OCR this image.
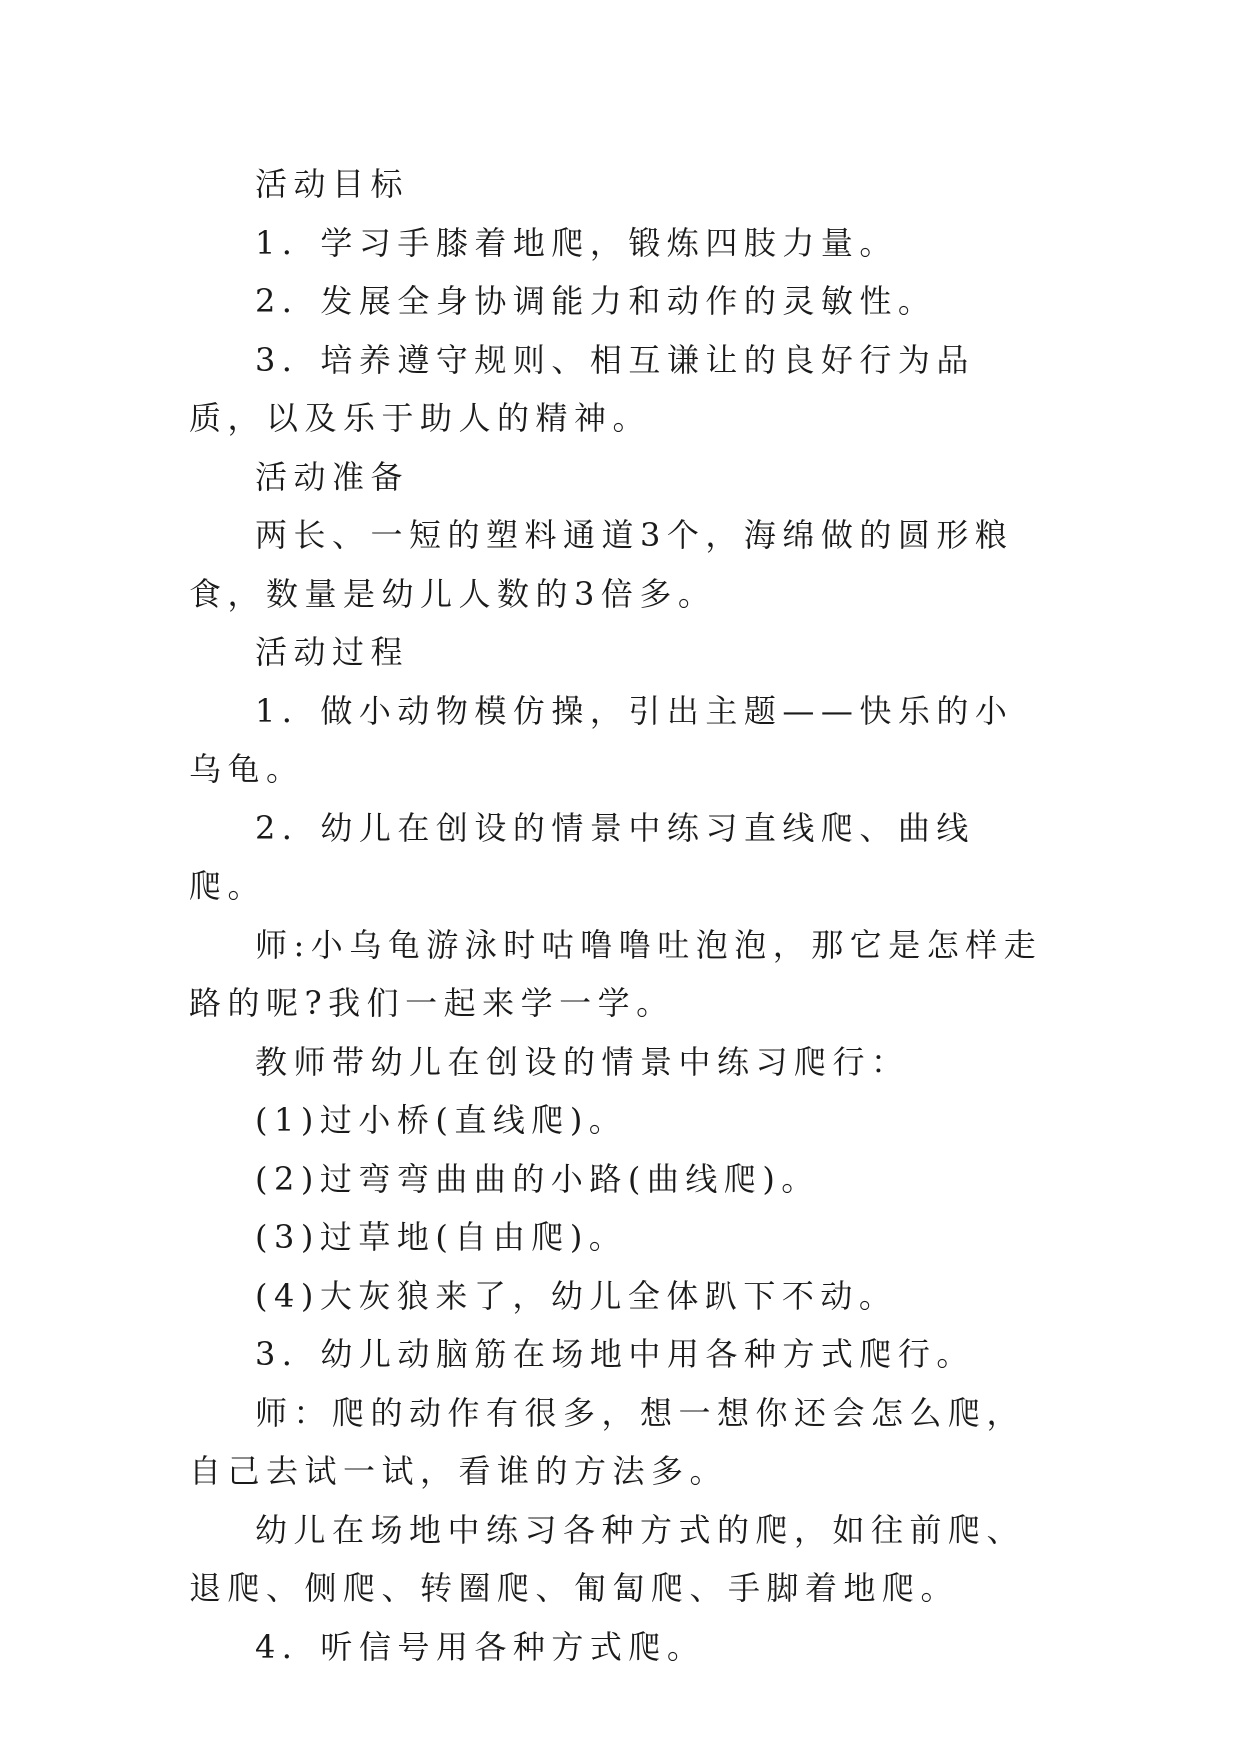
活动目标

1．学习手膝着地爬，锻炼四肢力量。

2．发展全身协调能力和动作的灵敏性。

3．培养遵守规则、相互谦让的良好行为品质，以及乐于助人的精神。

活动准备

两长、一短的塑料通道3个，海绵做的圆形粮食，数量是幼儿人数的3倍多。

活动过程

1．做小动物模仿操，引出主题——快乐的小乌龟。

2．幼儿在创设的情景中练习直线爬、曲线爬。

师:小乌龟游泳时咕噜噜吐泡泡，那它是怎样走路的呢?我们一起来学一学。

教师带幼儿在创设的情景中练习爬行：

(1)过小桥(直线爬)。

(2)过弯弯曲曲的小路(曲线爬)。

(3)过草地(自由爬)。

(4)大灰狼来了，幼儿全体趴下不动。

3．幼儿动脑筋在场地中用各种方式爬行。

师：爬的动作有很多，想一想你还会怎么爬，自己去试一试，看谁的方法多。

幼儿在场地中练习各种方式的爬，如往前爬、退爬、侧爬、转圈爬、匍匐爬、手脚着地爬。

4．听信号用各种方式爬。
